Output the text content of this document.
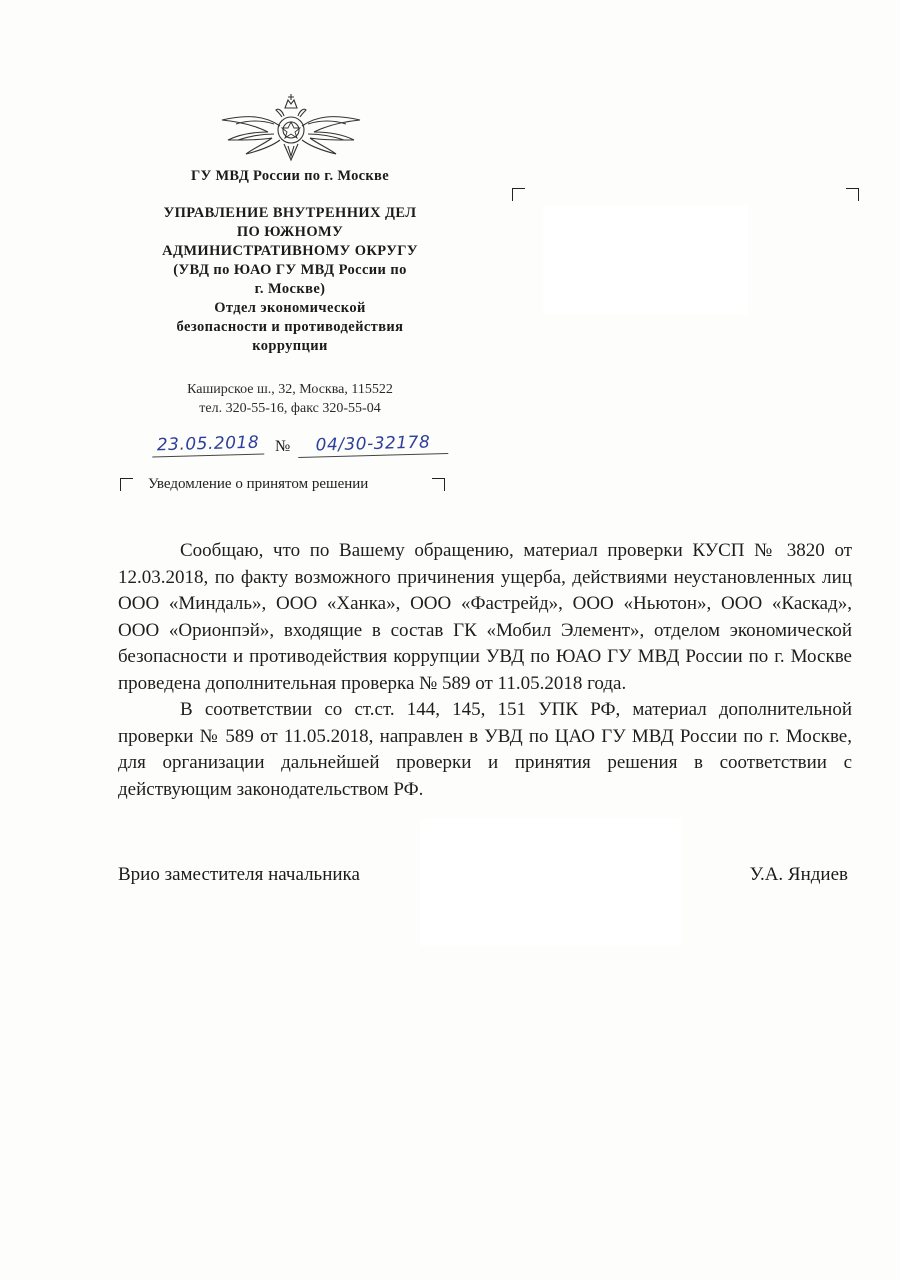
ГУ МВД России по г. Москве
УПРАВЛЕНИЕ ВНУТРЕННИХ ДЕЛ
ПО ЮЖНОМУ
АДМИНИСТРАТИВНОМУ ОКРУГУ
(УВД по ЮАО ГУ МВД России по
г. Москве)
Отдел экономической
безопасности и противодействия
коррупции
Каширское ш., 32, Москва, 115522
тел. 320-55-16, факс 320-55-04
23.05.2018 №	04/30-32178
Уведомление о принятом решении

Сообщаю, что по Вашему обращению, материал проверки КУСП № 3820 от 12.03.2018, по факту возможного причинения ущерба, действиями неустановленных лиц ООО «Миндаль», ООО «Ханка», ООО «Фастрейд», ООО «Ньютон», ООО «Каскад», ООО «Орионпэй», входящие в состав ГК «Мобил Элемент», отделом экономической безопасности и противодействия коррупции УВД по ЮАО ГУ МВД России по г. Москве проведена дополнительная проверка № 589 от 11.05.2018 года.

В соответствии со ст.ст. 144, 145, 151 УПК РФ, материал дополнительной проверки № 589 от 11.05.2018, направлен в УВД по ЦАО ГУ МВД России по г. Москве, для организации дальнейшей проверки и принятия решения в соответствии с действующим законодательством РФ.

Врио заместителя начальника	У.А. Яндиев
